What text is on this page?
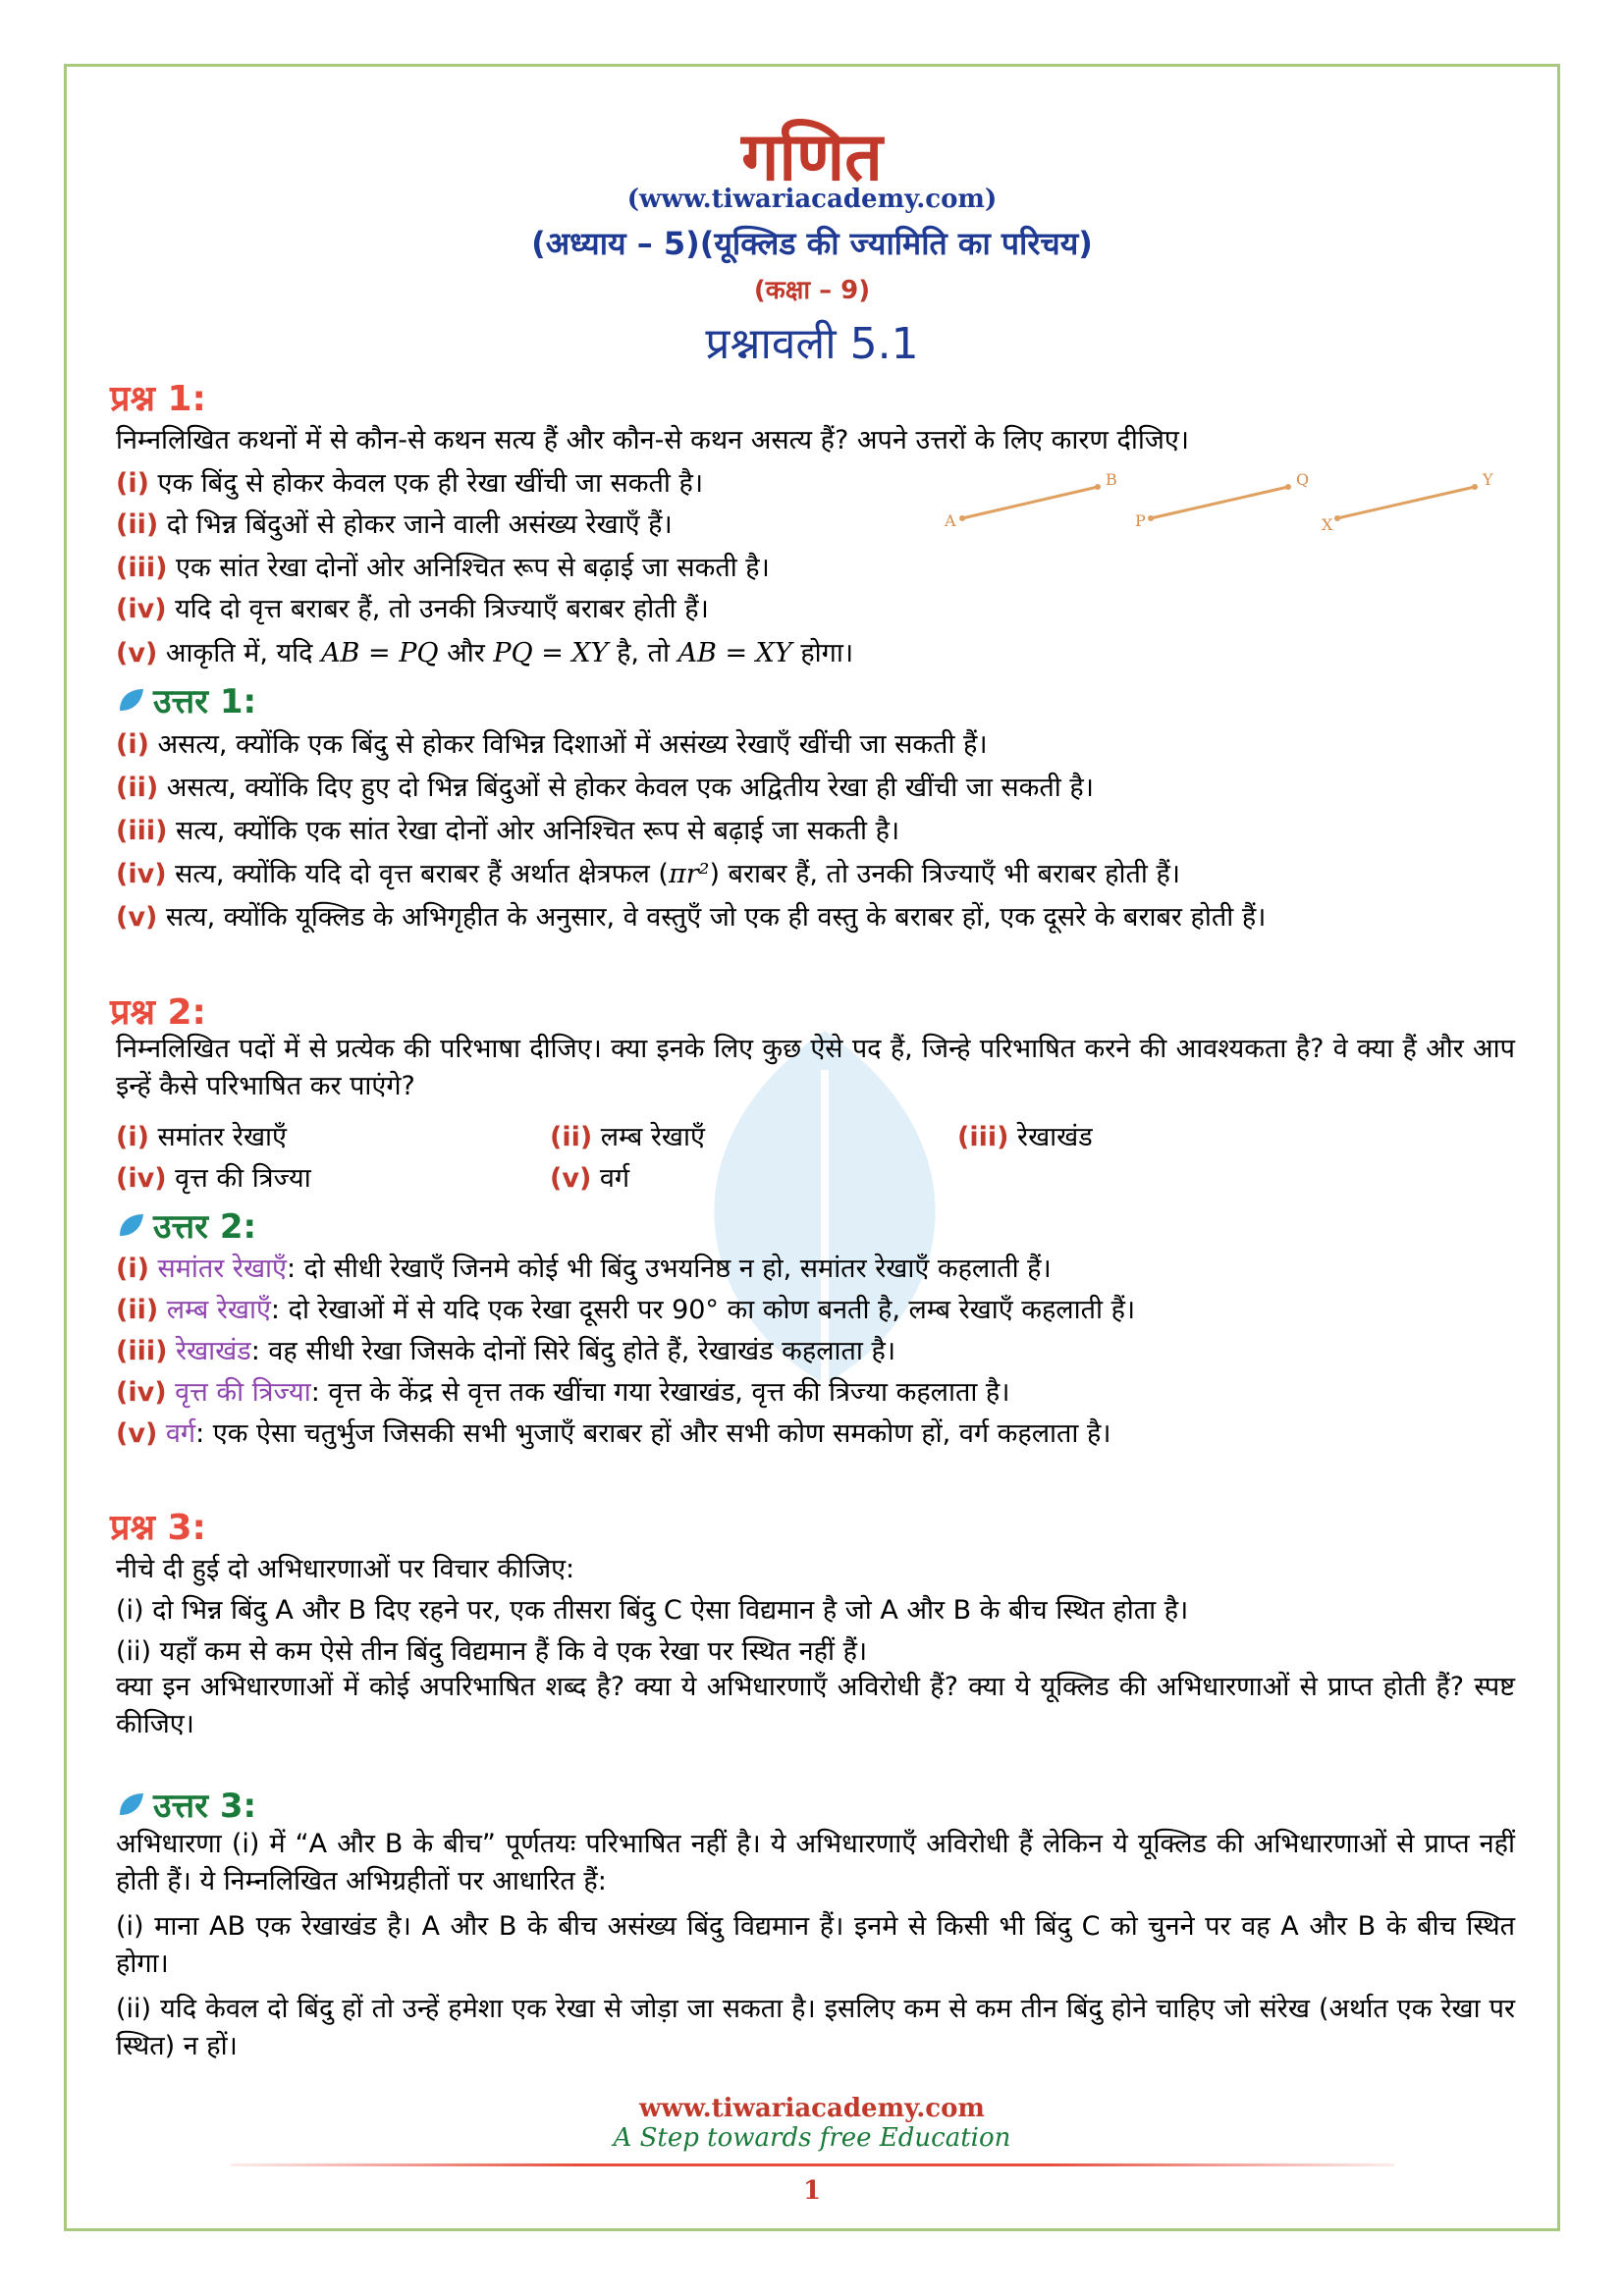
गणित
(www.tiwariacademy.com)
(अध्याय – 5)(यूक्लिड की ज्यामिति का परिचय)
(कक्षा – 9)
प्रश्नावली 5.1
प्रश्न 1:
निम्नलिखित कथनों में से कौन-से कथन सत्य हैं और कौन-से कथन असत्य हैं? अपने उत्तरों के लिए कारण दीजिए।
(i) एक बिंदु से होकर केवल एक ही रेखा खींची जा सकती है।
(ii) दो भिन्न बिंदुओं से होकर जाने वाली असंख्य रेखाएँ हैं।
(iii) एक सांत रेखा दोनों ओर अनिश्चित रूप से बढ़ाई जा सकती है।
(iv) यदि दो वृत्त बराबर हैं, तो उनकी त्रिज्याएँ बराबर होती हैं।
(v) आकृति में, यदि AB = PQ और PQ = XY है, तो AB = XY होगा।
A
B
P
Q
X
Y
उत्तर 1:
(i) असत्य, क्योंकि एक बिंदु से होकर विभिन्न दिशाओं में असंख्य रेखाएँ खींची जा सकती हैं।
(ii) असत्य, क्योंकि दिए हुए दो भिन्न बिंदुओं से होकर केवल एक अद्वितीय रेखा ही खींची जा सकती है।
(iii) सत्य, क्योंकि एक सांत रेखा दोनों ओर अनिश्चित रूप से बढ़ाई जा सकती है।
(iv) सत्य, क्योंकि यदि दो वृत्त बराबर हैं अर्थात क्षेत्रफल (πr²) बराबर हैं, तो उनकी त्रिज्याएँ भी बराबर होती हैं।
(v) सत्य, क्योंकि यूक्लिड के अभिगृहीत के अनुसार, वे वस्तुएँ जो एक ही वस्तु के बराबर हों, एक दूसरे के बराबर होती हैं।
प्रश्न 2:
निम्नलिखित पदों में से प्रत्येक की परिभाषा दीजिए। क्या इनके लिए कुछ ऐसे पद हैं, जिन्हे परिभाषित करने की आवश्यकता है? वे क्या हैं और आप इन्हें कैसे परिभाषित कर पाएंगे?
(i) समांतर रेखाएँ	(ii) लम्ब रेखाएँ	(iii) रेखाखंड
(iv) वृत्त की त्रिज्या	(v) वर्ग
उत्तर 2:
(i) समांतर रेखाएँ: दो सीधी रेखाएँ जिनमे कोई भी बिंदु उभयनिष्ठ न हो, समांतर रेखाएँ कहलाती हैं।
(ii) लम्ब रेखाएँ: दो रेखाओं में से यदि एक रेखा दूसरी पर 90° का कोण बनती है, लम्ब रेखाएँ कहलाती हैं।
(iii) रेखाखंड: वह सीधी रेखा जिसके दोनों सिरे बिंदु होते हैं, रेखाखंड कहलाता है।
(iv) वृत्त की त्रिज्या: वृत्त के केंद्र से वृत्त तक खींचा गया रेखाखंड, वृत्त की त्रिज्या कहलाता है।
(v) वर्ग: एक ऐसा चतुर्भुज जिसकी सभी भुजाएँ बराबर हों और सभी कोण समकोण हों, वर्ग कहलाता है।
प्रश्न 3:
नीचे दी हुई दो अभिधारणाओं पर विचार कीजिए:
(i) दो भिन्न बिंदु A और B दिए रहने पर, एक तीसरा बिंदु C ऐसा विद्यमान है जो A और B के बीच स्थित होता है।
(ii) यहाँ कम से कम ऐसे तीन बिंदु विद्यमान हैं कि वे एक रेखा पर स्थित नहीं हैं।
क्या इन अभिधारणाओं में कोई अपरिभाषित शब्द है? क्या ये अभिधारणाएँ अविरोधी हैं? क्या ये यूक्लिड की अभिधारणाओं से प्राप्त होती हैं? स्पष्ट कीजिए।
उत्तर 3:
अभिधारणा (i) में “A और B के बीच” पूर्णतयः परिभाषित नहीं है। ये अभिधारणाएँ अविरोधी हैं लेकिन ये यूक्लिड की अभिधारणाओं से प्राप्त नहीं होती हैं। ये निम्नलिखित अभिग्रहीतों पर आधारित हैं:
(i) माना AB एक रेखाखंड है। A और B के बीच असंख्य बिंदु विद्यमान हैं। इनमे से किसी भी बिंदु C को चुनने पर वह A और B के बीच स्थित होगा।
(ii) यदि केवल दो बिंदु हों तो उन्हें हमेशा एक रेखा से जोड़ा जा सकता है। इसलिए कम से कम तीन बिंदु होने चाहिए जो संरेख (अर्थात एक रेखा पर स्थित) न हों।
www.tiwariacademy.com
A Step towards free Education
1
